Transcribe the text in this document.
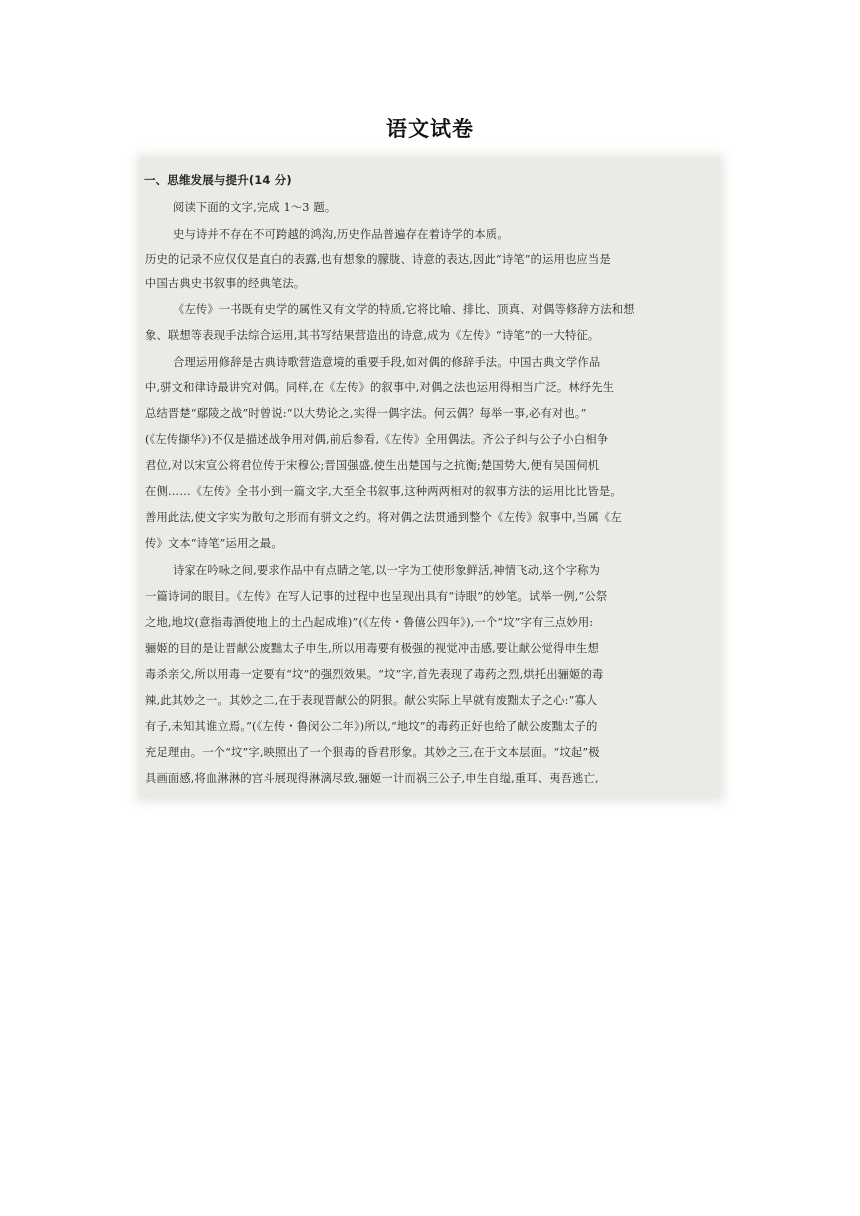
语文试卷
一、思维发展与提升(14 分)
阅读下面的文字,完成 1～3 题。
史与诗并不存在不可跨越的鸿沟,历史作品普遍存在着诗学的本质。
历史的记录不应仅仅是直白的表露,也有想象的朦胧、诗意的表达,因此“诗笔”的运用也应当是
中国古典史书叙事的经典笔法。
《左传》一书既有史学的属性又有文学的特质,它将比喻、排比、顶真、对偶等修辞方法和想
象、联想等表现手法综合运用,其书写结果营造出的诗意,成为《左传》“诗笔”的一大特征。
合理运用修辞是古典诗歌营造意境的重要手段,如对偶的修辞手法。中国古典文学作品
中,骈文和律诗最讲究对偶。同样,在《左传》的叙事中,对偶之法也运用得相当广泛。林纾先生
总结晋楚“鄢陵之战”时曾说:“以大势论之,实得一偶字法。何云偶？每举一事,必有对也。”
(《左传撷华》)不仅是描述战争用对偶,前后参看,《左传》全用偶法。齐公子纠与公子小白相争
君位,对以宋宣公将君位传于宋穆公;晋国强盛,使生出楚国与之抗衡;楚国势大,便有吴国伺机
在侧……《左传》全书小到一篇文字,大至全书叙事,这种两两相对的叙事方法的运用比比皆是。
善用此法,使文字实为散句之形而有骈文之约。将对偶之法贯通到整个《左传》叙事中,当属《左
传》文本“诗笔”运用之最。
诗家在吟咏之间,要求作品中有点睛之笔,以一字为工使形象鲜活,神情飞动,这个字称为
一篇诗词的眼目。《左传》在写人记事的过程中也呈现出具有“诗眼”的妙笔。试举一例,“公祭
之地,地坟(意指毒酒使地上的土凸起成堆)”(《左传・鲁僖公四年》),一个“坟”字有三点妙用:
骊姬的目的是让晋献公废黜太子申生,所以用毒要有极强的视觉冲击感,要让献公觉得申生想
毒杀亲父,所以用毒一定要有“坟”的强烈效果。“坟”字,首先表现了毒药之烈,烘托出骊姬的毒
辣,此其妙之一。其妙之二,在于表现晋献公的阴狠。献公实际上早就有废黜太子之心:“寡人
有子,未知其谁立焉。”(《左传・鲁闵公二年》)所以,“地坟”的毒药正好也给了献公废黜太子的
充足理由。一个“坟”字,映照出了一个狠毒的昏君形象。其妙之三,在于文本层面。“坟起”极
具画面感,将血淋淋的宫斗展现得淋漓尽致,骊姬一计而祸三公子,申生自缢,重耳、夷吾逃亡,
